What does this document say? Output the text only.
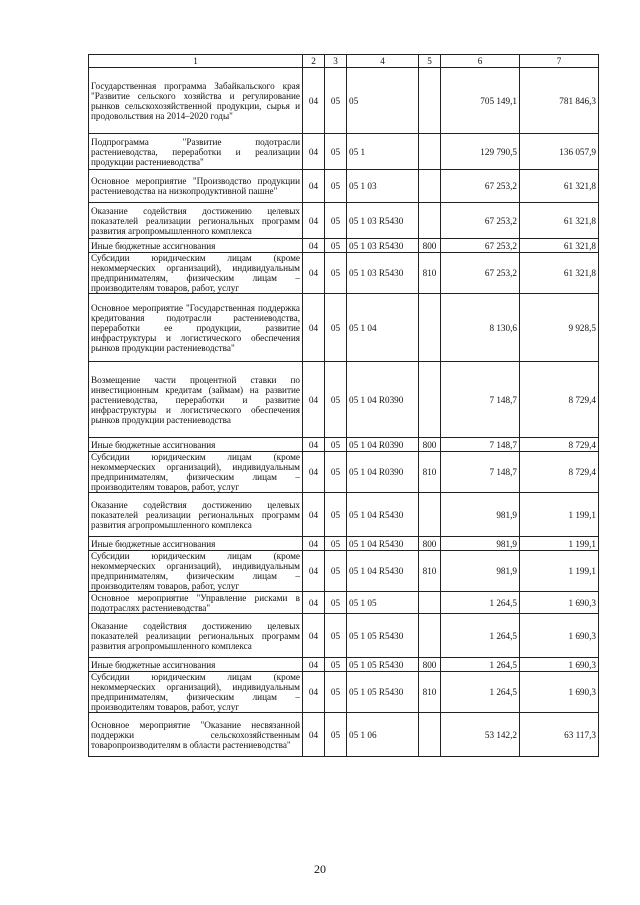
1	2	3	4	5	6	7
Государственная программа Забайкальского края "Развитие сельского хозяйства и регулирование рынков сельскохозяйственной продукции, сырья и продовольствия на 2014–2020 годы"	04	05	05		705 149,1	781 846,3
Подпрограмма "Развитие подотрасли растениеводства, переработки и реализации продукции растениеводства"	04	05	05 1		129 790,5	136 057,9
Основное мероприятие "Производство продукции растениеводства на низкопродуктивной пашне"	04	05	05 1 03		67 253,2	61 321,8
Оказание содействия достижению целевых показателей реализации региональных программ развития агропромышленного комплекса	04	05	05 1 03 R5430		67 253,2	61 321,8
Иные бюджетные ассигнования	04	05	05 1 03 R5430	800	67 253,2	61 321,8
Субсидии юридическим лицам (кроме некоммерческих организаций), индивидуальным предпринимателям, физическим лицам – производителям товаров, работ, услуг	04	05	05 1 03 R5430	810	67 253,2	61 321,8
Основное мероприятие "Государственная поддержка кредитования подотрасли растениеводства, переработки ее продукции, развитие инфраструктуры и логистического обеспечения рынков продукции растениеводства"	04	05	05 1 04		8 130,6	9 928,5
Возмещение части процентной ставки по инвестиционным кредитам (займам) на развитие растениеводства, переработки и развитие инфраструктуры и логистического обеспечения рынков продукции растениеводства	04	05	05 1 04 R0390		7 148,7	8 729,4
Иные бюджетные ассигнования	04	05	05 1 04 R0390	800	7 148,7	8 729,4
Субсидии юридическим лицам (кроме некоммерческих организаций), индивидуальным предпринимателям, физическим лицам – производителям товаров, работ, услуг	04	05	05 1 04 R0390	810	7 148,7	8 729,4
Оказание содействия достижению целевых показателей реализации региональных программ развития агропромышленного комплекса	04	05	05 1 04 R5430		981,9	1 199,1
Иные бюджетные ассигнования	04	05	05 1 04 R5430	800	981,9	1 199,1
Субсидии юридическим лицам (кроме некоммерческих организаций), индивидуальным предпринимателям, физическим лицам – производителям товаров, работ, услуг	04	05	05 1 04 R5430	810	981,9	1 199,1
Основное мероприятие "Управление рисками в подотраслях растениеводства"	04	05	05 1 05		1 264,5	1 690,3
Оказание содействия достижению целевых показателей реализации региональных программ развития агропромышленного комплекса	04	05	05 1 05 R5430		1 264,5	1 690,3
Иные бюджетные ассигнования	04	05	05 1 05 R5430	800	1 264,5	1 690,3
Субсидии юридическим лицам (кроме некоммерческих организаций), индивидуальным предпринимателям, физическим лицам – производителям товаров, работ, услуг	04	05	05 1 05 R5430	810	1 264,5	1 690,3
Основное мероприятие "Оказание несвязанной поддержки сельскохозяйственным товаропроизводителям в области растениеводства"	04	05	05 1 06		53 142,2	63 117,3
20
